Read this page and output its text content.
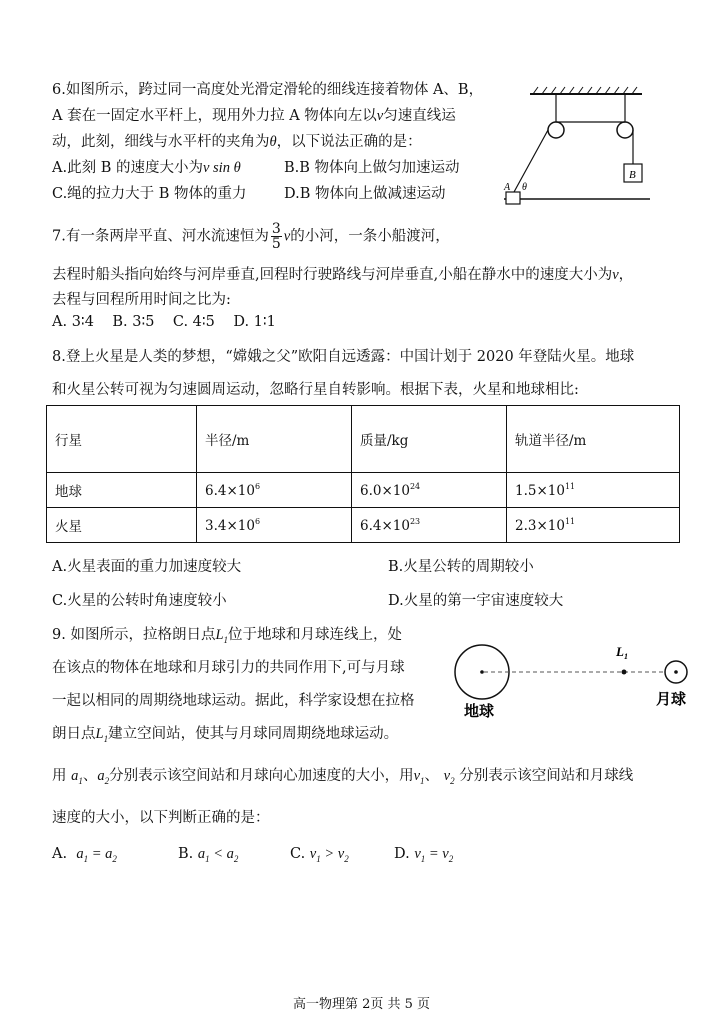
6.如图所示，跨过同一高度处光滑定滑轮的细线连接着物体 A、B，
A 套在一固定水平杆上，现用外力拉 A 物体向左以v匀速直线运
动，此刻，细线与水平杆的夹角为θ，以下说法正确的是：
A.此刻 B 的速度大小为v sin θ	B.B 物体向上做匀加速运动
C.绳的拉力大于 B 物体的重力	D.B 物体向上做减速运动
B
A θ
7.有一条两岸平直、河水流速恒为 $\frac{3}{5}$ v的小河，一条小船渡河，
去程时船头指向始终与河岸垂直,回程时行驶路线与河岸垂直,小船在静水中的速度大小为v，
去程与回程所用时间之比为:
A. 3∶4    B. 3∶5    C. 4∶5    D. 1∶1
8.登上火星是人类的梦想，“嫦娥之父”欧阳自远透露：中国计划于 2020 年登陆火星。地球
和火星公转可视为匀速圆周运动，忽略行星自转影响。根据下表，火星和地球相比:
行星	半径/m	质量/kg	轨道半径/m
地球	$6.4\times 10^6$	$6.0\times 10^{24}$	$1.5\times 10^{11}$
火星	$3.4\times 10^6$	$6.4\times 10^{23}$	$2.3\times 10^{11}$
A.火星表面的重力加速度较大	B.火星公转的周期较小
C.火星的公转时角速度较小	D.火星的第一宇宙速度较大
9. 如图所示，拉格朗日点$L_1$位于地球和月球连线上，处
在该点的物体在地球和月球引力的共同作用下,可与月球
一起以相同的周期绕地球运动。据此，科学家设想在拉格
朗日点$L_1$建立空间站，使其与月球同周期绕地球运动。
用 $a_1$、$a_2$分别表示该空间站和月球向心加速度的大小，用$v_1$、 $v_2$ 分别表示该空间站和月球线
速度的大小，以下判断正确的是：
A. $a_1 = a_2$	B. $a_1 < a_2$	C. $v_1 > v_2$	D. $v_1 = v_2$
$L_1$
地球
月球
高一物理第 2页 共 5 页
